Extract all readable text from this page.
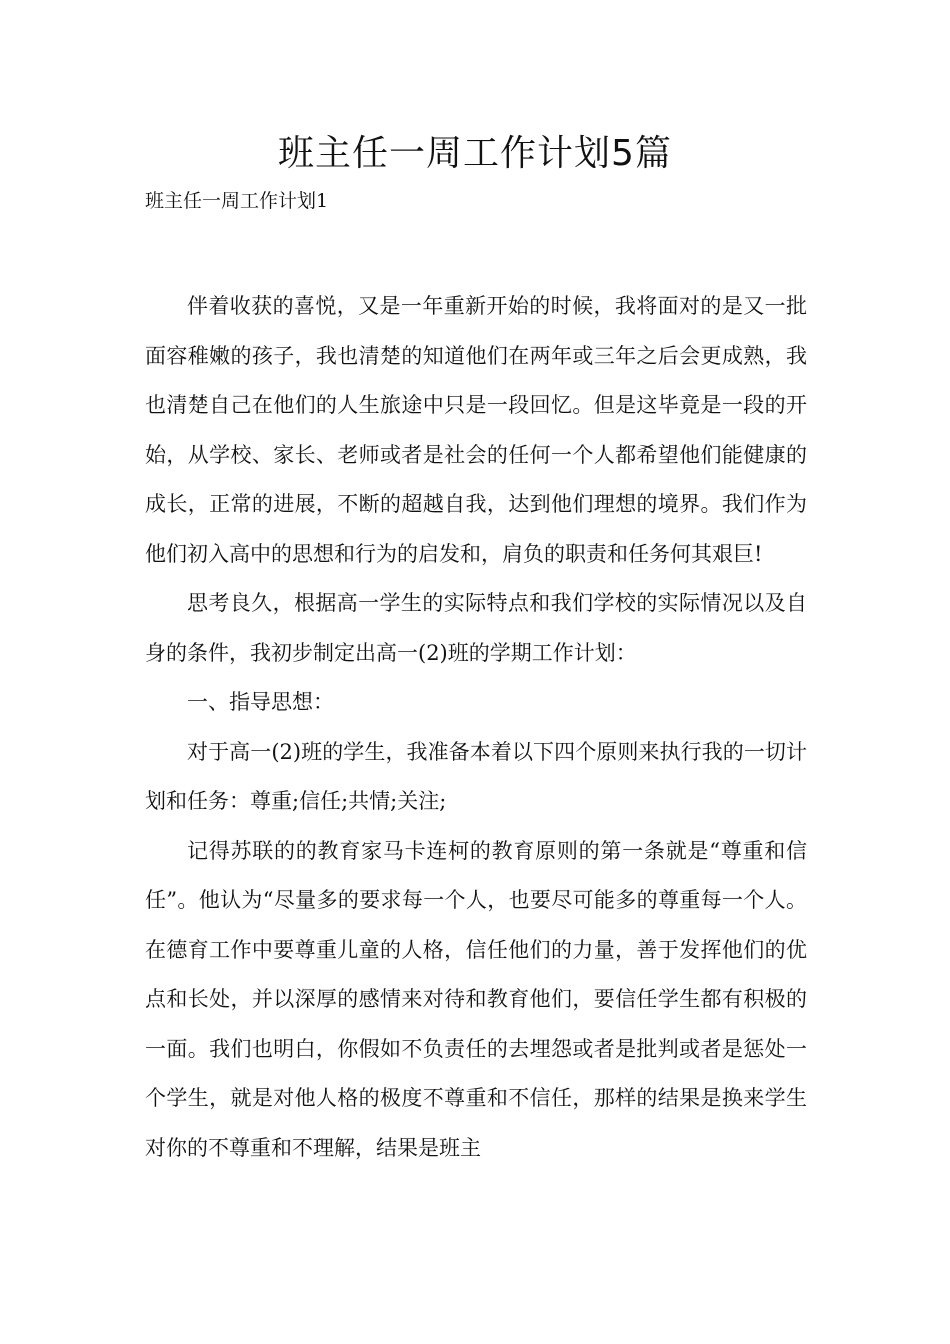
班主任一周工作计划5篇
班主任一周工作计划1

伴着收获的喜悦，又是一年重新开始的时候，我将面对的是又一批面容稚嫩的孩子，我也清楚的知道他们在两年或三年之后会更成熟，我也清楚自己在他们的人生旅途中只是一段回忆。但是这毕竟是一段的开始，从学校、家长、老师或者是社会的任何一个人都希望他们能健康的成长，正常的进展，不断的超越自我，达到他们理想的境界。我们作为他们初入高中的思想和行为的启发和，肩负的职责和任务何其艰巨!

思考良久，根据高一学生的实际特点和我们学校的实际情况以及自身的条件，我初步制定出高一(2)班的学期工作计划：

一、指导思想：

对于高一(2)班的学生，我准备本着以下四个原则来执行我的一切计划和任务：尊重;信任;共情;关注;

记得苏联的的教育家马卡连柯的教育原则的第一条就是“尊重和信任”。他认为“尽量多的要求每一个人，也要尽可能多的尊重每一个人。在德育工作中要尊重儿童的人格，信任他们的力量，善于发挥他们的优点和长处，并以深厚的感情来对待和教育他们，要信任学生都有积极的一面。我们也明白，你假如不负责任的去埋怨或者是批判或者是惩处一个学生，就是对他人格的极度不尊重和不信任，那样的结果是换来学生对你的不尊重和不理解，结果是班主
